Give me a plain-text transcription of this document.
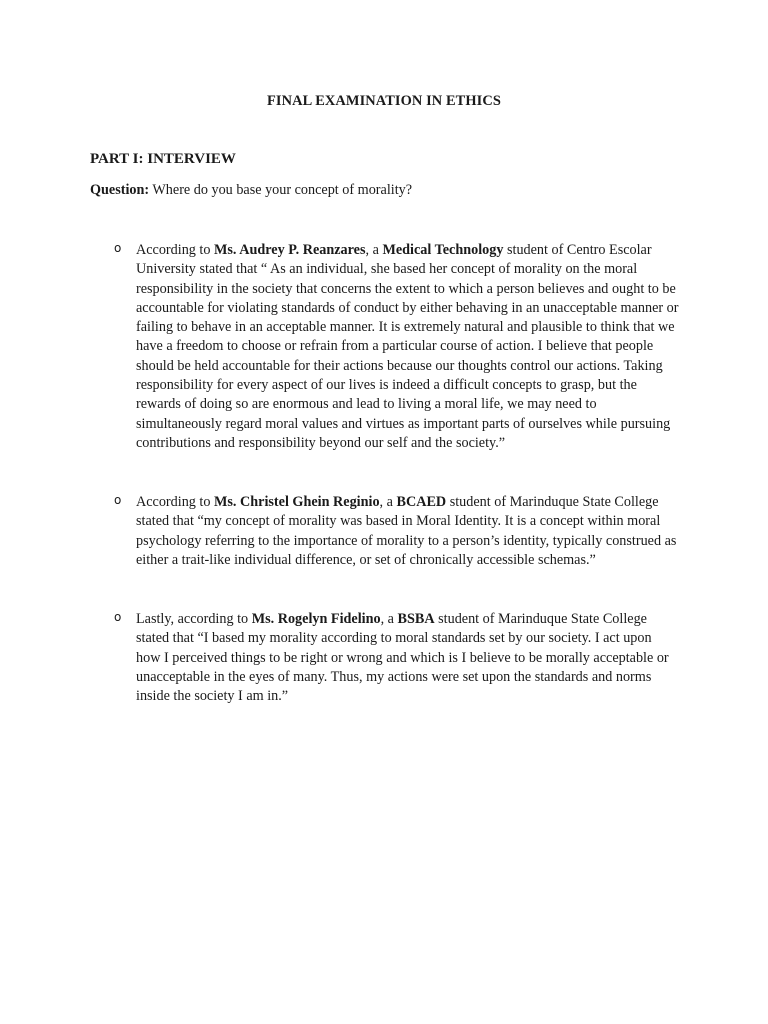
FINAL EXAMINATION IN ETHICS
PART I: INTERVIEW
Question: Where do you base your concept of morality?
o According to Ms. Audrey P. Reanzares, a Medical Technology student of Centro Escolar University stated that “ As an individual, she based her concept of morality on the moral responsibility in the society that concerns the extent to which a person believes and ought to be accountable for violating standards of conduct by either behaving in an unacceptable manner or failing to behave in an acceptable manner. It is extremely natural and plausible to think that we have a freedom to choose or refrain from a particular course of action. I believe that people should be held accountable for their actions because our thoughts control our actions. Taking responsibility for every aspect of our lives is indeed a difficult concepts to grasp, but the rewards of doing so are enormous and lead to living a moral life, we may need to simultaneously regard moral values and virtues as important parts of ourselves while pursuing contributions and responsibility beyond our self and the society.”
o According to Ms. Christel Ghein Reginio, a BCAED student of Marinduque State College stated that “my concept of morality was based in Moral Identity. It is a concept within moral psychology referring to the importance of morality to a person’s identity, typically construed as either a trait-like individual difference, or set of chronically accessible schemas.”
o Lastly, according to Ms. Rogelyn Fidelino, a BSBA student of Marinduque State College stated that “I based my morality according to moral standards set by our society. I act upon how I perceived things to be right or wrong and which is I believe to be morally acceptable or unacceptable in the eyes of many. Thus, my actions were set upon the standards and norms inside the society I am in.”
